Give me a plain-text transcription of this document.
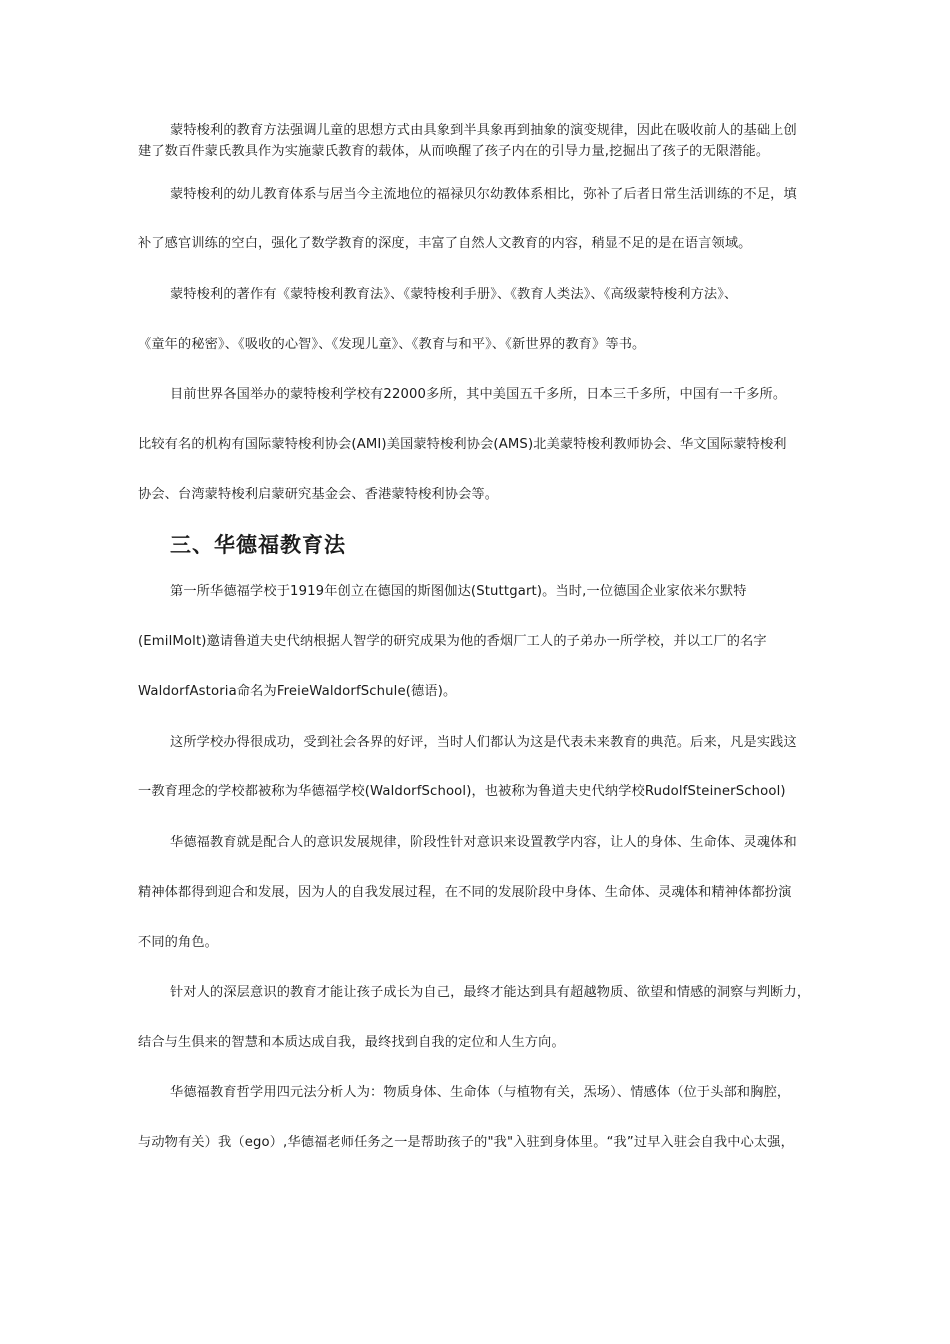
蒙特梭利的教育方法强调儿童的思想方式由具象到半具象再到抽象的演变规律，因此在吸收前人的基础上创
建了数百件蒙氏教具作为实施蒙氏教育的载体，从而唤醒了孩子内在的引导力量,挖掘出了孩子的无限潜能。
蒙特梭利的幼儿教育体系与居当今主流地位的福禄贝尔幼教体系相比，弥补了后者日常生活训练的不足，填
补了感官训练的空白，强化了数学教育的深度，丰富了自然人文教育的内容，稍显不足的是在语言领域。
蒙特梭利的著作有《蒙特梭利教育法》、《蒙特梭利手册》、《教育人类法》、《高级蒙特梭利方法》、
《童年的秘密》、《吸收的心智》、《发现儿童》、《教育与和平》、《新世界的教育》等书。
目前世界各国举办的蒙特梭利学校有22000多所，其中美国五千多所，日本三千多所，中国有一千多所。
比较有名的机构有国际蒙特梭利协会(AMI)美国蒙特梭利协会(AMS)北美蒙特梭利教师协会、华文国际蒙特梭利
协会、台湾蒙特梭利启蒙研究基金会、香港蒙特梭利协会等。
三、华德福教育法
第一所华德福学校于1919年创立在德国的斯图伽达(Stuttgart)。当时,一位德国企业家依米尔默特
(EmilMolt)邀请鲁道夫史代纳根据人智学的研究成果为他的香烟厂工人的子弟办一所学校，并以工厂的名字
WaldorfAstoria命名为FreieWaldorfSchule(德语)。
这所学校办得很成功，受到社会各界的好评，当时人们都认为这是代表未来教育的典范。后来，凡是实践这
一教育理念的学校都被称为华德福学校(WaldorfSchool)，也被称为鲁道夫史代纳学校RudolfSteinerSchool)
华德福教育就是配合人的意识发展规律，阶段性针对意识来设置教学内容，让人的身体、生命体、灵魂体和
精神体都得到迎合和发展，因为人的自我发展过程，在不同的发展阶段中身体、生命体、灵魂体和精神体都扮演
不同的角色。
针对人的深层意识的教育才能让孩子成长为自己，最终才能达到具有超越物质、欲望和情感的洞察与判断力，
结合与生俱来的智慧和本质达成自我，最终找到自我的定位和人生方向。
华德福教育哲学用四元法分析人为：物质身体、生命体（与植物有关，炁场）、情感体（位于头部和胸腔，
与动物有关）我（ego）,华德福老师任务之一是帮助孩子的"我"入驻到身体里。“我”过早入驻会自我中心太强，
